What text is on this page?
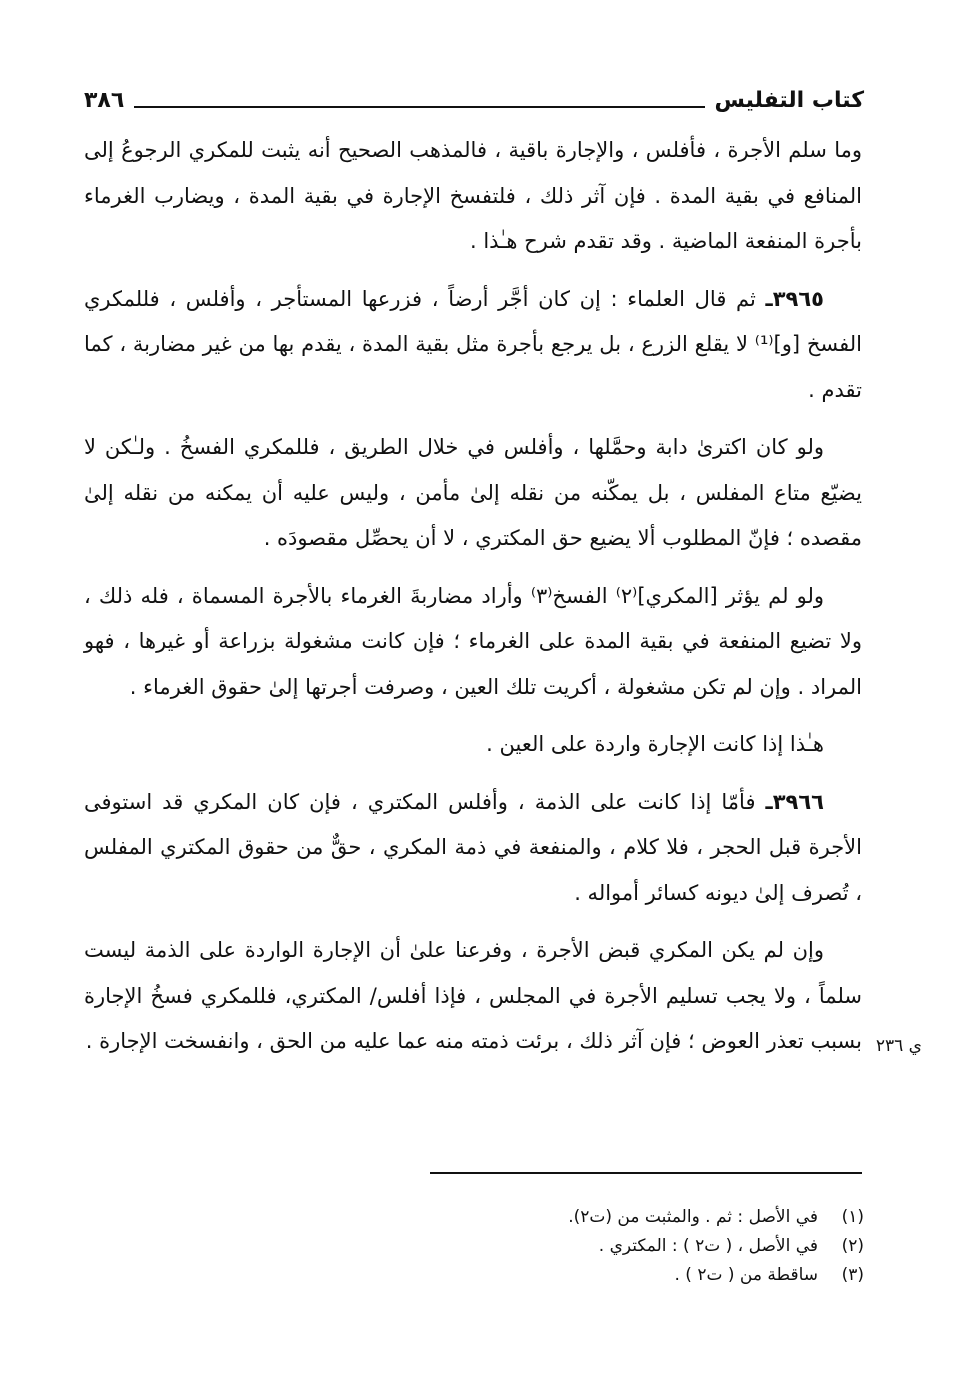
كتاب التفليس
٣٨٦

وما سلم الأجرة ، فأفلس ، والإجارة باقية ، فالمذهب الصحيح أنه يثبت للمكري الرجوعُ إلى المنافع في بقية المدة . فإن آثر ذلك ، فلتفسخ الإجارة في بقية المدة ، ويضارب الغرماء بأجرة المنفعة الماضية . وقد تقدم شرح هـٰذا .

٣٩٦٥ـ ثم قال العلماء : إن كان أجَّر أرضاً ، فزرعها المستأجر ، وأفلس ، فللمكري الفسخ [و]⁽¹⁾ لا يقلع الزرع ، بل يرجع بأجرة مثل بقية المدة ، يقدم بها من غير مضاربة ، كما تقدم .

ولو كان اكترىٰ دابة وحمَّلها ، وأفلس في خلال الطريق ، فللمكري الفسخُ . ولـٰكن لا يضيّع متاع المفلس ، بل يمكّنه من نقله إلىٰ مأمن ، وليس عليه أن يمكنه من نقله إلىٰ مقصده ؛ فإنّ المطلوب ألا يضيع حق المكتري ، لا أن يحصِّل مقصودَه .

ولو لم يؤثر [المكري]⁽٢⁾ الفسخ⁽٣⁾ وأراد مضاربةَ الغرماء بالأجرة المسماة ، فله ذلك ، ولا تضيع المنفعة في بقية المدة على الغرماء ؛ فإن كانت مشغولة بزراعة أو غيرها ، فهو المراد . وإن لم تكن مشغولة ، أكريت تلك العين ، وصرفت أجرتها إلىٰ حقوق الغرماء .

هـٰذا إذا كانت الإجارة واردة على العين .

٣٩٦٦ـ فأمّا إذا كانت على الذمة ، وأفلس المكتري ، فإن كان المكري قد استوفى الأجرة قبل الحجر ، فلا كلام ، والمنفعة في ذمة المكري ، حقٌّ من حقوق المكتري المفلس ، تُصرف إلىٰ ديونه كسائر أمواله .

وإن لم يكن المكري قبض الأجرة ، وفرعنا علىٰ أن الإجارة الواردة على الذمة ليست سلماً ، ولا يجب تسليم الأجرة في المجلس ، فإذا أفلس/ المكتري، فللمكري فسخُ الإجارة بسبب تعذر العوض ؛ فإن آثر ذلك ، برئت ذمته منه عما عليه من الحق ، وانفسخت الإجارة . ي ٢٣٦
(١)
في الأصل : ثم . والمثبت من (ت٢).
(٢)
في الأصل ، ( ت٢ ) : المكتري .
(٣)
ساقطة من ( ت٢ ) .
